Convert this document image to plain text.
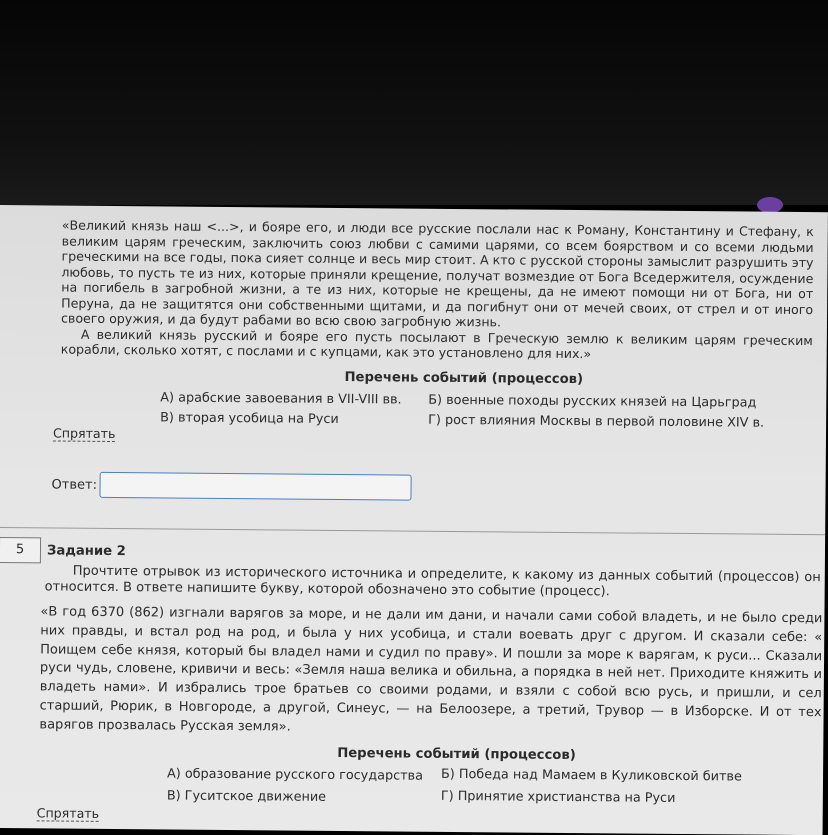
«Великий князь наш <...>, и бояре его, и люди все русские послали нас к Роману, Константину и Стефану, к великим царям греческим, заключить союз любви с самими царями, со всем боярством и со всеми людьми греческими на все годы, пока сияет солнце и весь мир стоит. А кто с русской стороны замыслит разрушить эту любовь, то пусть те из них, которые приняли крещение, получат возмездие от Бога Вседержителя, осуждение на погибель в загробной жизни, а те из них, которые не крещены, да не имеют помощи ни от Бога, ни от Перуна, да не защитятся они собственными щитами, и да погибнут они от мечей своих, от стрел и от иного своего оружия, и да будут рабами во всю свою загробную жизнь.
А великий князь русский и бояре его пусть посылают в Греческую землю к великим царям греческим корабли, сколько хотят, с послами и с купцами, как это установлено для них.»
Перечень событий (процессов)
А) арабские завоевания в VII-VIII вв. Б) военные походы русских князей на Царьград
В) вторая усобица на Руси	Г) рост влияния Москвы в первой половине XIV в.
Спрятать
Ответ:
5	Задание 2
Прочтите отрывок из исторического источника и определите, к какому из данных событий (процессов) он относится. В ответе напишите букву, которой обозначено это событие (процесс).
«В год 6370 (862) изгнали варягов за море, и не дали им дани, и начали сами собой владеть, и не было среди них правды, и встал род на род, и была у них усобица, и стали воевать друг с другом. И сказали себе: « Поищем себе князя, который бы владел нами и судил по праву». И пошли за море к варягам, к руси... Сказали руси чудь, словене, кривичи и весь: «Земля наша велика и обильна, а порядка в ней нет. Приходите княжить и владеть нами». И избрались трое братьев со своими родами, и взяли с собой всю русь, и пришли, и сел старший, Рюрик, в Новгороде, а другой, Синеус, — на Белоозере, а третий, Трувор — в Изборске. И от тех варягов прозвалась Русская земля».
Перечень событий (процессов)
А) образование русского государства Б) Победа над Мамаем в Куликовской битве
В) Гуситское движение	Г) Принятие христианства на Руси
Спрятать
